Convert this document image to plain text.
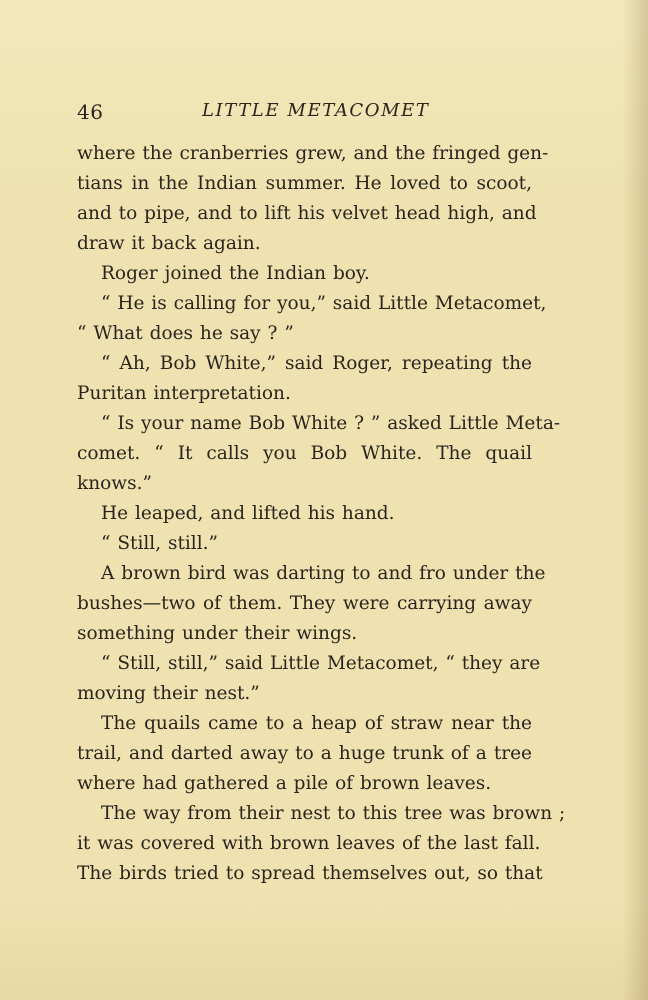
46	LITTLE METACOMET
where the cranberries grew, and the fringed gen-
tians in the Indian summer. He loved to scoot,
and to pipe, and to lift his velvet head high, and
draw it back again.
Roger joined the Indian boy.
“ He is calling for you,” said Little Metacomet,
“ What does he say ? ”
“ Ah, Bob White,” said Roger, repeating the
Puritan interpretation.
“ Is your name Bob White ? ” asked Little Meta-
comet. “ It calls you Bob White. The quail
knows.”
He leaped, and lifted his hand.
“ Still, still.”
A brown bird was darting to and fro under the
bushes—two of them. They were carrying away
something under their wings.
“ Still, still,” said Little Metacomet, “ they are
moving their nest.”
The quails came to a heap of straw near the
trail, and darted away to a huge trunk of a tree
where had gathered a pile of brown leaves.
The way from their nest to this tree was brown ;
it was covered with brown leaves of the last fall.
The birds tried to spread themselves out, so that
